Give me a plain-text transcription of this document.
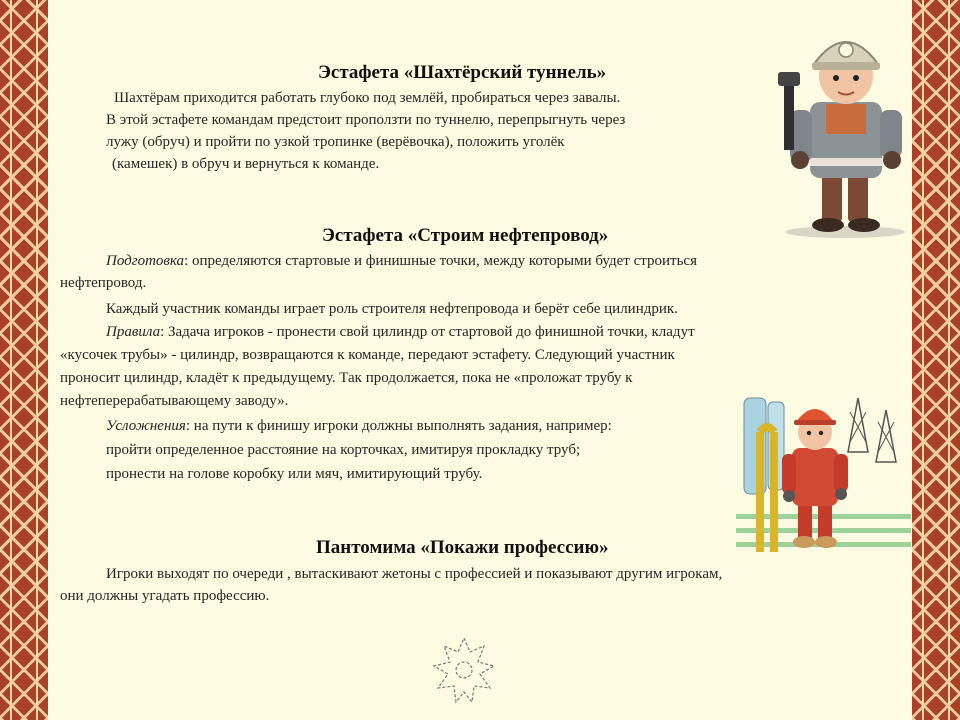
Эстафета «Шахтёрский туннель»
Шахтёрам приходится работать глубоко под землёй, пробираться через завалы.
В этой эстафете командам предстоит проползти по туннелю, перепрыгнуть через
лужу (обруч) и пройти по узкой тропинке (верёвочка), положить уголёк
(камешек) в обруч и вернуться к команде.
Эстафета «Строим нефтепровод»
Подготовка: определяются стартовые и финишные точки, между которыми будет строиться
нефтепровод.
Каждый участник команды играет роль строителя нефтепровода и берёт себе цилиндрик.
Правила: Задача игроков - пронести свой цилиндр от стартовой до финишной точки, кладут
«кусочек трубы» - цилиндр, возвращаются к команде, передают эстафету. Следующий участник
проносит цилиндр, кладёт к предыдущему. Так продолжается, пока не «проложат трубу к
нефтеперерабатывающему заводу».
Усложнения: на пути к финишу игроки должны выполнять задания, например:
пройти определенное расстояние на корточках, имитируя прокладку труб;
пронести на голове коробку или мяч, имитирующий трубу.
Пантомима «Покажи профессию»
Игроки выходят по очереди , вытаскивают жетоны с профессией и показывают другим игрокам,
они должны угадать профессию.
